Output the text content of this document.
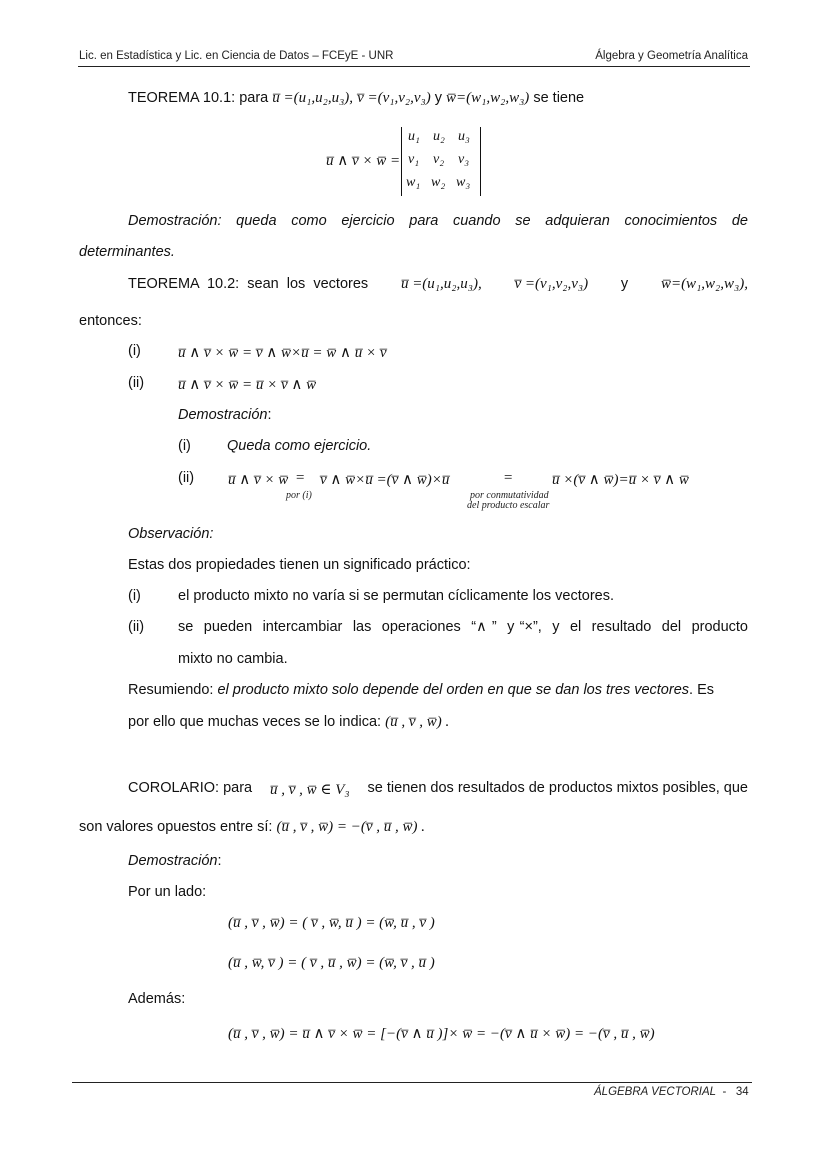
Lic. en Estadística y Lic. en Ciencia de Datos – FCEyE - UNR	Álgebra y Geometría Analítica
TEOREMA 10.1: para u̅ =(u₁,u₂,u₃), v̅ =(v₁,v₂,v₃) y w̅=(w₁,w₂,w₃) se tiene
u̅ ∧ v̅ × w̅ =
u₁ u₂ u₃
v₁ v₂ v₃
w₁ w₂ w₃
Demostración: queda como ejercicio para cuando se adquieran conocimientos de
determinantes.
TEOREMA  10.2:  sean  los  vectores u̅ =(u₁,u₂,u₃), v̅ =(v₁,v₂,v₃) y w̅=(w₁,w₂,w₃),
entonces:
(i) u̅ ∧ v̅ × w̅ = v̅ ∧ w̅×u̅ = w̅ ∧ u̅ × v̅
(ii) u̅ ∧ v̅ × w̅ = u̅ × v̅ ∧ w̅
Demostración:
(i) Queda como ejercicio.
(ii) u̅ ∧ v̅ × w̅ =
por (i)
v̅ ∧ w̅×u̅ =(v̅ ∧ w̅)×u̅	=
por conmutatividad
del producto escalar
u̅ ×(v̅ ∧ w̅)=u̅ × v̅ ∧ w̅
Observación:
Estas dos propiedades tienen un significado práctico:
(i)	el producto mixto no varía si se permutan cíclicamente los vectores.
(ii) se  pueden  intercambiar  las  operaciones  “∧ ”  y “×”,  y  el  resultado  del  producto
mixto no cambia.
Resumiendo:
el producto mixto solo depende del orden en que se dan los tres vectores . Es
por ello que muchas veces se lo indica: (u̅ , v̅ , w̅) .
COROLARIO: para u̅ , v̅ , w̅ ∈ V₃ se tienen dos resultados de productos mixtos posibles, que
son valores opuestos entre sí: (u̅ , v̅ , w̅) = −(v̅ , u̅ , w̅) .
Demostración:
Por un lado:
(u̅ , v̅ , w̅) = ( v̅ , w̅, u̅ ) = (w̅, u̅ , v̅ )
(u̅ , w̅, v̅ ) = ( v̅ , u̅ , w̅) = (w̅, v̅ , u̅ )
Además:
(u̅ , v̅ , w̅) = u̅ ∧ v̅ × w̅ = [−(v̅ ∧ u̅ )]× w̅ = −(v̅ ∧ u̅ × w̅) = −(v̅ , u̅ , w̅)
ÁLGEBRA VECTORIAL - 34
